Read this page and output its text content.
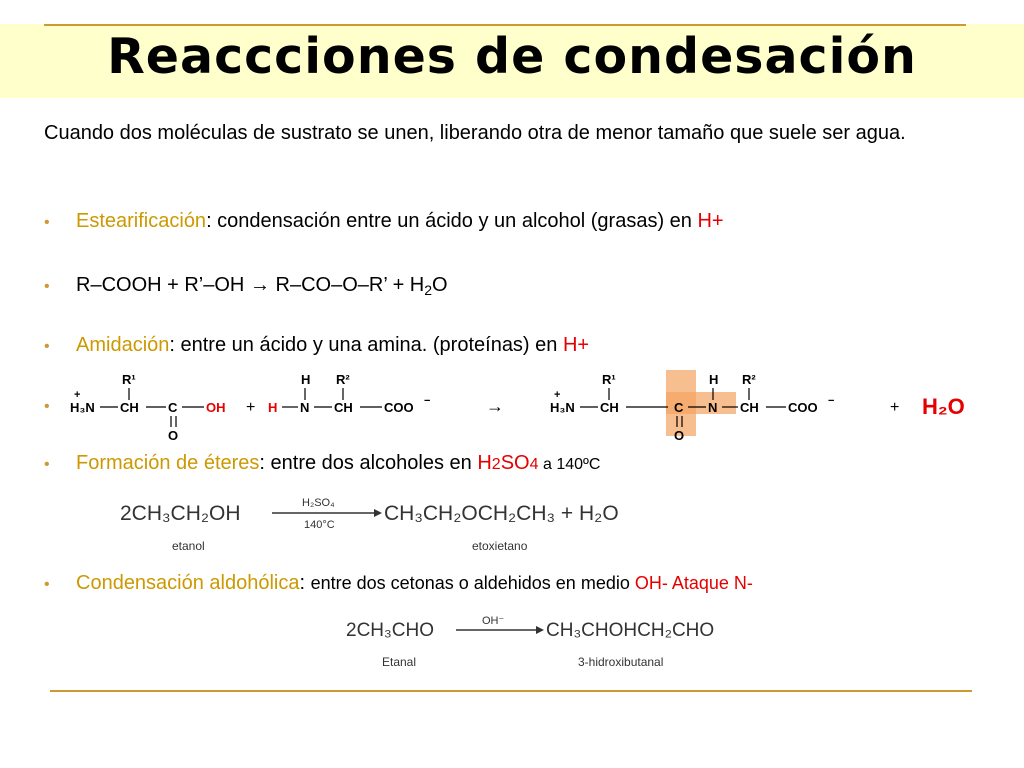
Reaccciones de condesación
Cuando dos moléculas de sustrato se unen, liberando otra de menor tamaño que suele ser agua.
• Estearificación: condensación entre un ácido y un alcohol (grasas) en H+
• R–COOH + R’–OH → R–CO–O–R’ + $H_2O$
• Amidación: entre un ácido y una amina. (proteínas) en H+
•
+
H₃N CH
R¹
C
O
OH + H N
H
CH
R²
COO −	→
+
H₃N CH
R¹
C
O
N
H
CH
R²
COO −	+ H₂O
• Formación de éteres: entre dos alcoholes en H2SO4 a 140ºC
2CH₃CH₂OH	H₂SO₄
140°C CH₃CH₂OCH₂CH₃ + H₂O
etanol	etoxietano
• Condensación aldohólica: entre dos cetonas o aldehidos en medio OH- Ataque N-
2CH₃CHO	OH⁻ CH₃CHOHCH₂CHO
Etanal	3-hidroxibutanal
